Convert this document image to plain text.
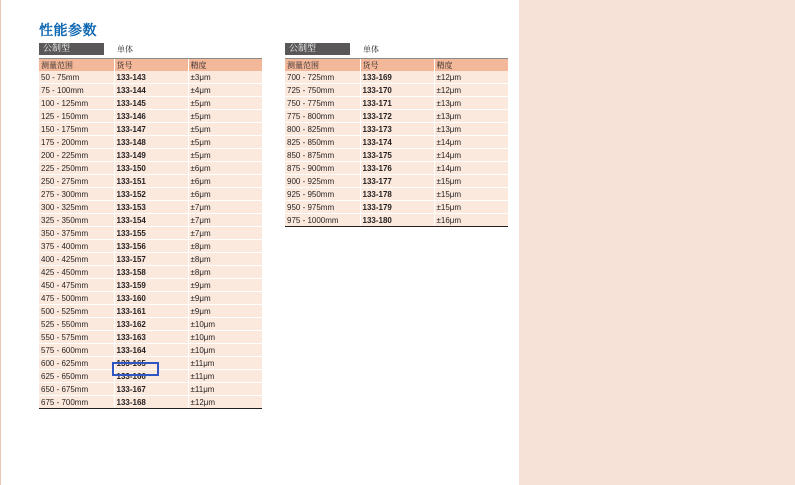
性能参数
公制型	单体
测量范围	货号	精度
50 - 75mm	133-143	±3μm
75 - 100mm	133-144	±4μm
100 - 125mm	133-145	±5μm
125 - 150mm	133-146	±5μm
150 - 175mm	133-147	±5μm
175 - 200mm	133-148	±5μm
200 - 225mm	133-149	±5μm
225 - 250mm	133-150	±6μm
250 - 275mm	133-151	±6μm
275 - 300mm	133-152	±6μm
300 - 325mm	133-153	±7μm
325 - 350mm	133-154	±7μm
350 - 375mm	133-155	±7μm
375 - 400mm	133-156	±8μm
400 - 425mm	133-157	±8μm
425 - 450mm	133-158	±8μm
450 - 475mm	133-159	±9μm
475 - 500mm	133-160	±9μm
500 - 525mm	133-161	±9μm
525 - 550mm	133-162	±10μm
550 - 575mm	133-163	±10μm
575 - 600mm	133-164	±10μm
600 - 625mm	133-165	±11μm
625 - 650mm	133-166	±11μm
650 - 675mm	133-167	±11μm
675 - 700mm	133-168	±12μm
公制型	单体
测量范围	货号	精度
700 - 725mm	133-169	±12μm
725 - 750mm	133-170	±12μm
750 - 775mm	133-171	±13μm
775 - 800mm	133-172	±13μm
800 - 825mm	133-173	±13μm
825 - 850mm	133-174	±14μm
850 - 875mm	133-175	±14μm
875 - 900mm	133-176	±14μm
900 - 925mm	133-177	±15μm
925 - 950mm	133-178	±15μm
950 - 975mm	133-179	±15μm
975 - 1000mm	133-180	±16μm
